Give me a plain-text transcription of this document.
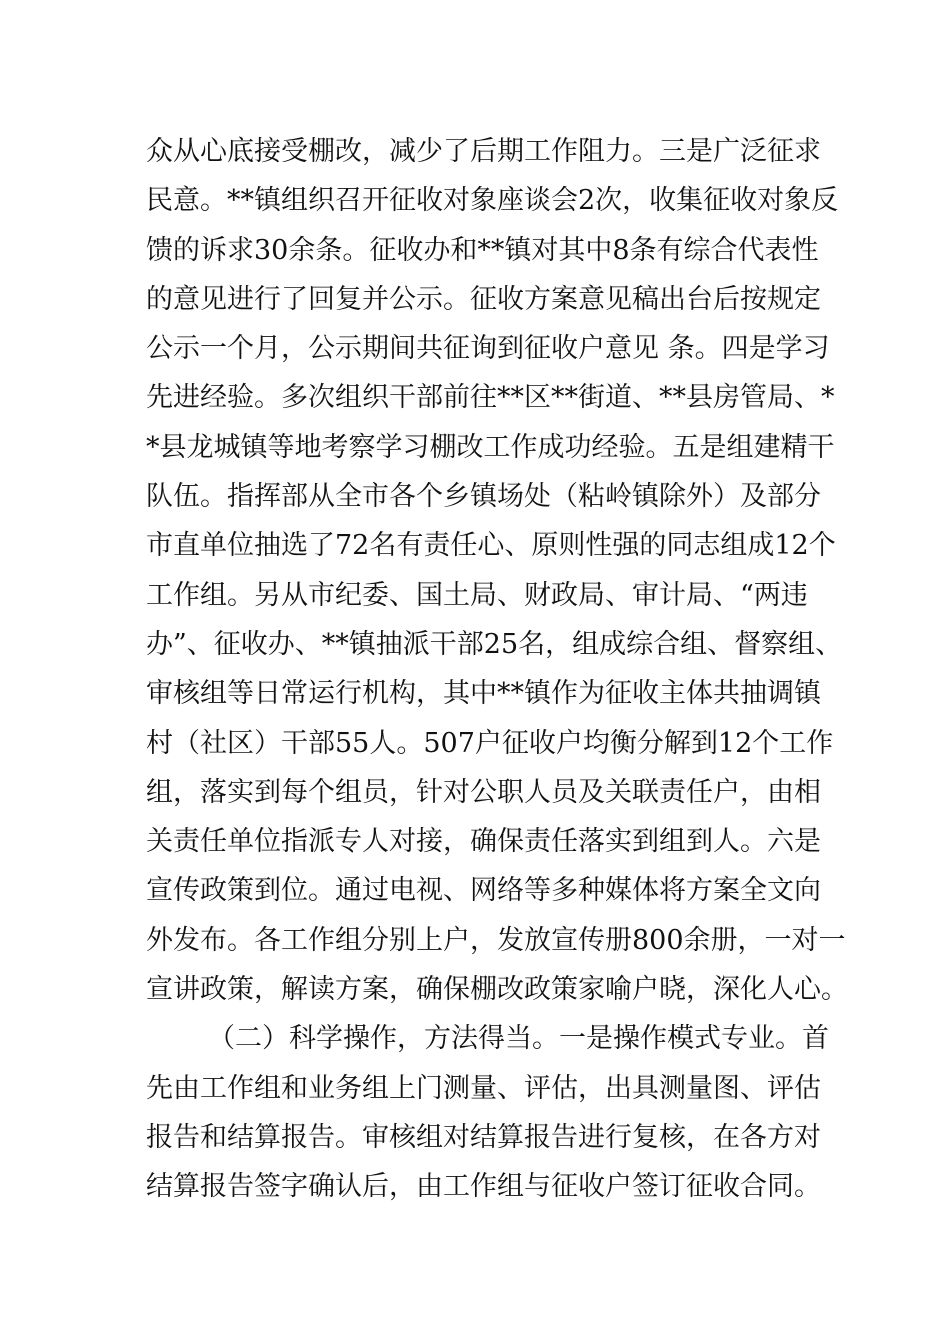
众从心底接受棚改，减少了后期工作阻力。三是广泛征求
民意。**镇组织召开征收对象座谈会2次，收集征收对象反
馈的诉求30余条。征收办和**镇对其中8条有综合代表性
的意见进行了回复并公示。征收方案意见稿出台后按规定
公示一个月，公示期间共征询到征收户意见 条。四是学习
先进经验。多次组织干部前往**区**街道、**县房管局、*
*县龙城镇等地考察学习棚改工作成功经验。五是组建精干
队伍。指挥部从全市各个乡镇场处（粘岭镇除外）及部分
市直单位抽选了72名有责任心、原则性强的同志组成12个
工作组。另从市纪委、国土局、财政局、审计局、“两违
办”、征收办、**镇抽派干部25名，组成综合组、督察组、
审核组等日常运行机构，其中**镇作为征收主体共抽调镇
村（社区）干部55人。507户征收户均衡分解到12个工作
组，落实到每个组员，针对公职人员及关联责任户，由相
关责任单位指派专人对接，确保责任落实到组到人。六是
宣传政策到位。通过电视、网络等多种媒体将方案全文向
外发布。各工作组分别上户，发放宣传册800余册，一对一
宣讲政策，解读方案，确保棚改政策家喻户晓，深化人心。
（二）科学操作，方法得当。一是操作模式专业。首
先由工作组和业务组上门测量、评估，出具测量图、评估
报告和结算报告。审核组对结算报告进行复核，在各方对
结算报告签字确认后，由工作组与征收户签订征收合同。
